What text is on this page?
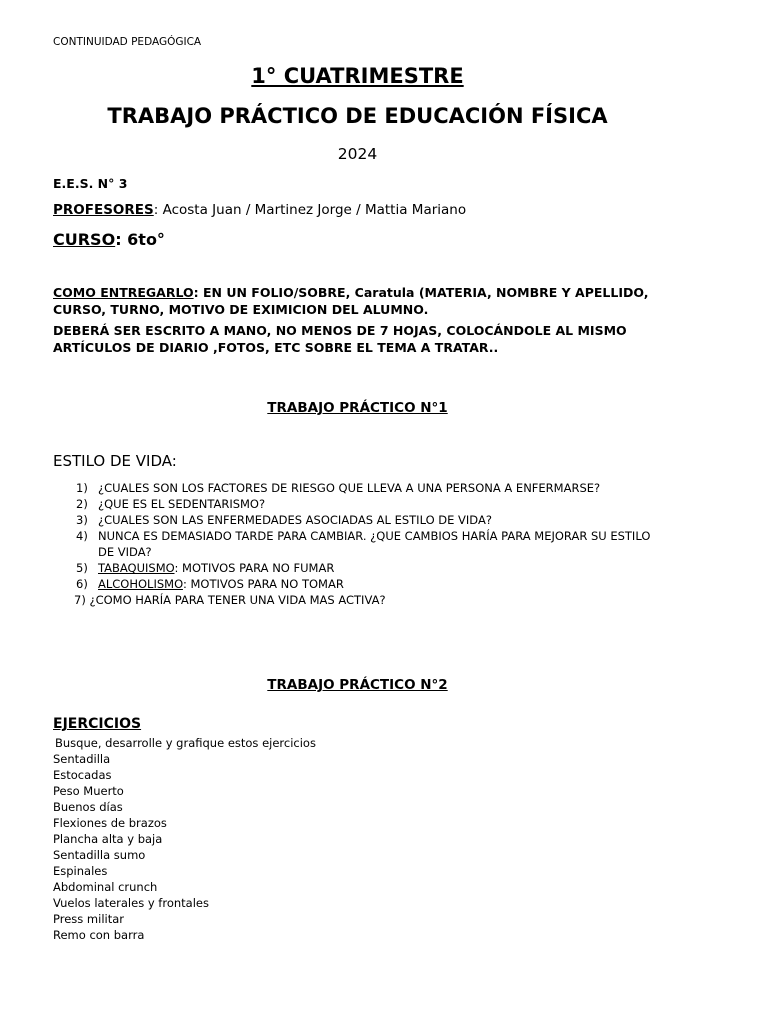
CONTINUIDAD PEDAGÓGICA
1° CUATRIMESTRE
TRABAJO PRÁCTICO DE EDUCACIÓN FÍSICA
2024
E.E.S. N° 3
PROFESORES: Acosta Juan / Martinez Jorge / Mattia Mariano
CURSO: 6to°
COMO ENTREGARLO: EN UN FOLIO/SOBRE, Caratula (MATERIA, NOMBRE Y APELLIDO, CURSO, TURNO, MOTIVO DE EXIMICION DEL ALUMNO.
DEBERÁ SER ESCRITO A MANO, NO MENOS DE 7 HOJAS, COLOCÁNDOLE AL MISMO ARTÍCULOS DE DIARIO ,FOTOS, ETC SOBRE EL TEMA A TRATAR..
TRABAJO PRÁCTICO N°1
ESTILO DE VIDA:
1) ¿CUALES SON LOS FACTORES DE RIESGO QUE LLEVA A UNA PERSONA A ENFERMARSE?
2) ¿QUE ES EL SEDENTARISMO?
3) ¿CUALES SON LAS ENFERMEDADES ASOCIADAS AL ESTILO DE VIDA?
4) NUNCA ES DEMASIADO TARDE PARA CAMBIAR. ¿QUE CAMBIOS HARÍA PARA MEJORAR SU ESTILO DE VIDA?
5) TABAQUISMO: MOTIVOS PARA NO FUMAR
6) ALCOHOLISMO: MOTIVOS PARA NO TOMAR
7) ¿COMO HARÍA PARA TENER UNA VIDA MAS ACTIVA?
TRABAJO PRÁCTICO N°2
EJERCICIOS
Busque, desarrolle y grafique estos ejercicios
Sentadilla
Estocadas
Peso Muerto
Buenos días
Flexiones de brazos
Plancha alta y baja
Sentadilla sumo
Espinales
Abdominal crunch
Vuelos laterales y frontales
Press militar
Remo con barra
